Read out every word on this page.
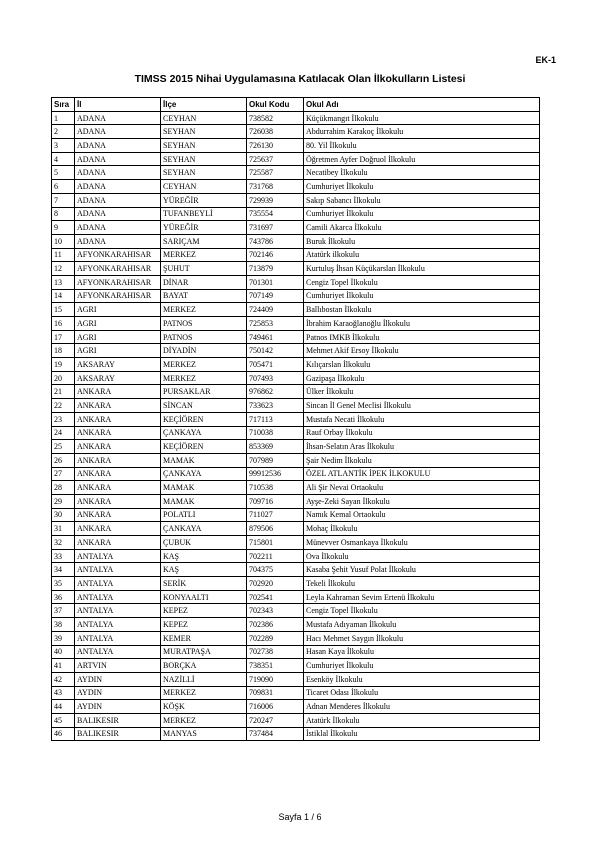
EK-1
TIMSS 2015 Nihai Uygulamasına Katılacak Olan İlkokulların Listesi
Sıra	İl	İlçe	Okul Kodu	Okul Adı
1	ADANA	CEYHAN	738582	Küçükmangıt İlkokulu
2	ADANA	SEYHAN	726038	Abdurrahim Karakoç İlkokulu
3	ADANA	SEYHAN	726130	80. Yil İlkokulu
4	ADANA	SEYHAN	725637	Öğretmen Ayfer Doğruol İlkokulu
5	ADANA	SEYHAN	725587	Necatibey İlkokulu
6	ADANA	CEYHAN	731768	Cumhuriyet İlkokulu
7	ADANA	YÜREĞİR	729939	Sakıp Sabancı İlkokulu
8	ADANA	TUFANBEYLİ	735554	Cumhuriyet İlkokulu
9	ADANA	YÜREĞİR	731697	Camili Akarca İlkokulu
10	ADANA	SARIÇAM	743786	Buruk İlkokulu
11	AFYONKARAHISAR	MERKEZ	702146	Atatürk ilkokulu
12	AFYONKARAHISAR	ŞUHUT	713879	Kurtuluş İhsan Küçükarslan İlkokulu
13	AFYONKARAHISAR	DİNAR	701301	Cengiz Topel İlkokulu
14	AFYONKARAHISAR	BAYAT	707149	Cumhuriyet İlkokulu
15	AGRI	MERKEZ	724409	Ballıbostan İlkokulu
16	AGRI	PATNOS	725853	İbrahim Karaoğlanoğlu İlkokulu
17	AGRI	PATNOS	749461	Patnos IMKB İlkokulu
18	AGRI	DİYADİN	750142	Mehmet Akif Ersoy İlkokulu
19	AKSARAY	MERKEZ	705471	Kılıçarslan İlkokulu
20	AKSARAY	MERKEZ	707493	Gazipaşa İlkokulu
21	ANKARA	PURSAKLAR	976862	Ülker İlkokulu
22	ANKARA	SİNCAN	733623	Sincan İl Genel Meclisi İlkokulu
23	ANKARA	KEÇİÖREN	717113	Mustafa Necati İlkokulu
24	ANKARA	ÇANKAYA	710038	Rauf Orbay İlkokulu
25	ANKARA	KEÇİÖREN	853369	İhsan-Selatın Aras İlkokulu
26	ANKARA	MAMAK	707989	Şair Nedim İlkokulu
27	ANKARA	ÇANKAYA	99912536	ÖZEL ATLANTİK İPEK İLKOKULU
28	ANKARA	MAMAK	710538	Ali Şir Nevai Ortaokulu
29	ANKARA	MAMAK	709716	Ayşe-Zeki Sayan İlkokulu
30	ANKARA	POLATLI	711027	Namık Kemal Ortaokulu
31	ANKARA	ÇANKAYA	879506	Mohaç İlkokulu
32	ANKARA	ÇUBUK	715801	Münevver Osmankaya İlkokulu
33	ANTALYA	KAŞ	702211	Ova İlkokulu
34	ANTALYA	KAŞ	704375	Kasaba Şehit Yusuf Polat İlkokulu
35	ANTALYA	SERİK	702920	Tekeli İlkokulu
36	ANTALYA	KONYAALTI	702541	Leyla Kahraman Sevim Ertenü İlkokulu
37	ANTALYA	KEPEZ	702343	Cengiz Topel İlkokulu
38	ANTALYA	KEPEZ	702386	Mustafa Adıyaman İlkokulu
39	ANTALYA	KEMER	702289	Hacı Mehmet Saygın İlkokulu
40	ANTALYA	MURATPAŞA	702738	Hasan Kaya İlkokulu
41	ARTVIN	BORÇKA	738351	Cumhuriyet İlkokulu
42	AYDIN	NAZİLLİ	719090	Esenköy İlkokulu
43	AYDIN	MERKEZ	709831	Ticaret Odası İlkokulu
44	AYDIN	KÖŞK	716006	Adnan Menderes İlkokulu
45	BALIKESIR	MERKEZ	720247	Atatürk İlkokulu
46	BALIKESIR	MANYAS	737484	İstiklal İlkokulu
Sayfa 1 / 6
